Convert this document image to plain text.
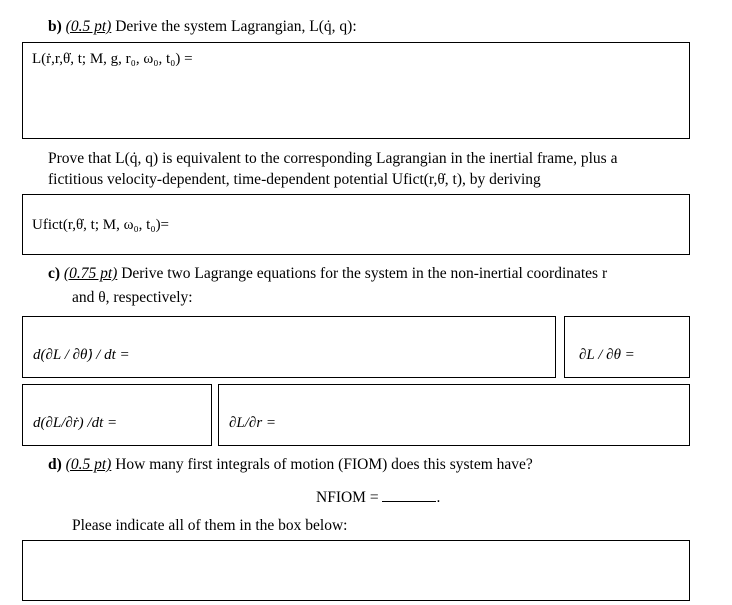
b) (0.5 pt) Derive the system Lagrangian, L(q̇, q):
L(ṙ,r,θ̇, t; M, g, r₀, ω₀, t₀) =
Prove that L(q̇, q) is equivalent to the corresponding Lagrangian in the inertial frame, plus a
fictitious velocity-dependent, time-dependent potential Ufict(r,θ̇, t), by deriving
Ufict(r,θ̇, t; M, ω₀, t₀)=
c) (0.75 pt) Derive two Lagrange equations for the system in the non-inertial coordinates r
and θ, respectively:
d(∂L / ∂θ̇) / dt =	∂L / ∂θ =
d(∂L/∂ṙ) /dt =	∂L/∂r =
d) (0.5 pt) How many first integrals of motion (FIOM) does this system have?
NFIOM =	.
Please indicate all of them in the box below:
